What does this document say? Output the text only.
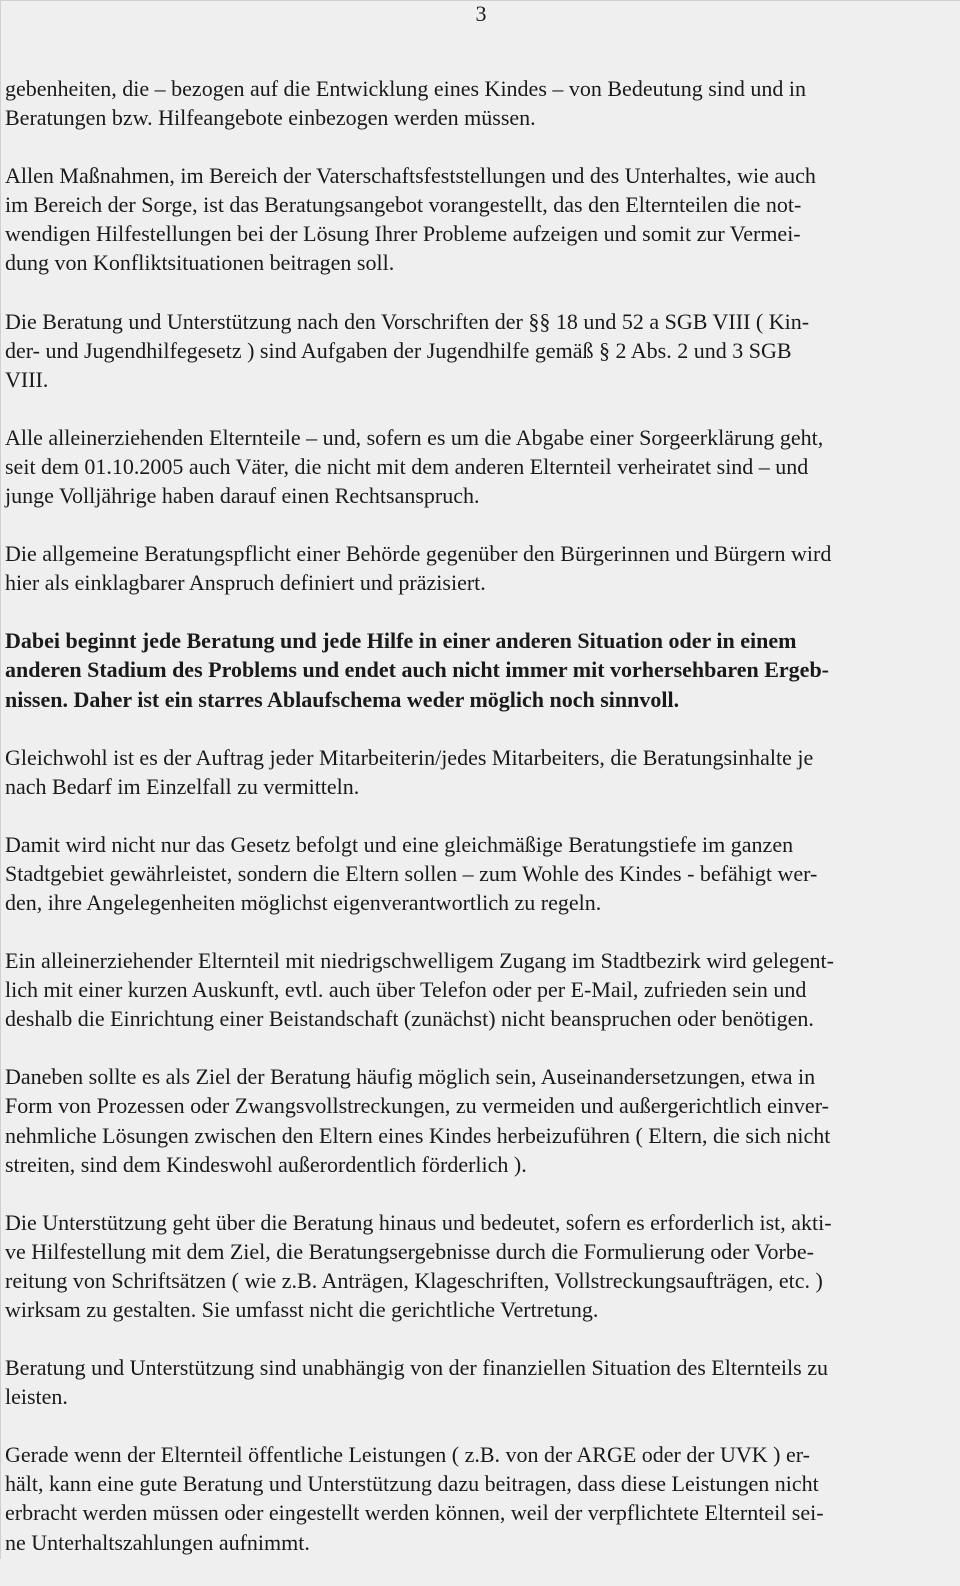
3

gebenheiten, die – bezogen auf die Entwicklung eines Kindes – von Bedeutung sind und in
Beratungen bzw. Hilfeangebote einbezogen werden müssen.

Allen Maßnahmen, im Bereich der Vaterschaftsfeststellungen und des Unterhaltes, wie auch
im Bereich der Sorge, ist das Beratungsangebot vorangestellt, das den Elternteilen die not-
wendigen Hilfestellungen bei der Lösung Ihrer Probleme aufzeigen und somit zur Vermei-
dung von Konfliktsituationen beitragen soll.

Die Beratung und Unterstützung nach den Vorschriften der §§ 18 und 52 a SGB VIII ( Kin-
der- und Jugendhilfegesetz ) sind Aufgaben der Jugendhilfe gemäß § 2 Abs. 2 und 3 SGB
VIII.

Alle alleinerziehenden Elternteile – und, sofern es um die Abgabe einer Sorgeerklärung geht,
seit dem 01.10.2005 auch Väter, die nicht mit dem anderen Elternteil verheiratet sind – und
junge Volljährige haben darauf einen Rechtsanspruch.

Die allgemeine Beratungspflicht einer Behörde gegenüber den Bürgerinnen und Bürgern wird
hier als einklagbarer Anspruch definiert und präzisiert.

Dabei beginnt jede Beratung und jede Hilfe in einer anderen Situation oder in einem
anderen Stadium des Problems und endet auch nicht immer mit vorhersehbaren Ergeb-
nissen. Daher ist ein starres Ablaufschema weder möglich noch sinnvoll.

Gleichwohl ist es der Auftrag jeder Mitarbeiterin/jedes Mitarbeiters, die Beratungsinhalte je
nach Bedarf im Einzelfall zu vermitteln.

Damit wird nicht nur das Gesetz befolgt und eine gleichmäßige Beratungstiefe im ganzen
Stadtgebiet gewährleistet, sondern die Eltern sollen – zum Wohle des Kindes - befähigt wer-
den, ihre Angelegenheiten möglichst eigenverantwortlich zu regeln.

Ein alleinerziehender Elternteil mit niedrigschwelligem Zugang im Stadtbezirk wird gelegent-
lich mit einer kurzen Auskunft, evtl. auch über Telefon oder per E-Mail, zufrieden sein und
deshalb die Einrichtung einer Beistandschaft (zunächst) nicht beanspruchen oder benötigen.

Daneben sollte es als Ziel der Beratung häufig möglich sein, Auseinandersetzungen, etwa in
Form von Prozessen oder Zwangsvollstreckungen, zu vermeiden und außergerichtlich einver-
nehmliche Lösungen zwischen den Eltern eines Kindes herbeizuführen ( Eltern, die sich nicht
streiten, sind dem Kindeswohl außerordentlich förderlich ).

Die Unterstützung geht über die Beratung hinaus und bedeutet, sofern es erforderlich ist, akti-
ve Hilfestellung mit dem Ziel, die Beratungsergebnisse durch die Formulierung oder Vorbe-
reitung von Schriftsätzen ( wie z.B. Anträgen, Klageschriften, Vollstreckungsaufträgen, etc. )
wirksam zu gestalten. Sie umfasst nicht die gerichtliche Vertretung.

Beratung und Unterstützung sind unabhängig von der finanziellen Situation des Elternteils zu
leisten.

Gerade wenn der Elternteil öffentliche Leistungen ( z.B. von der ARGE oder der UVK ) er-
hält, kann eine gute Beratung und Unterstützung dazu beitragen, dass diese Leistungen nicht
erbracht werden müssen oder eingestellt werden können, weil der verpflichtete Elternteil sei-
ne Unterhaltszahlungen aufnimmt.
